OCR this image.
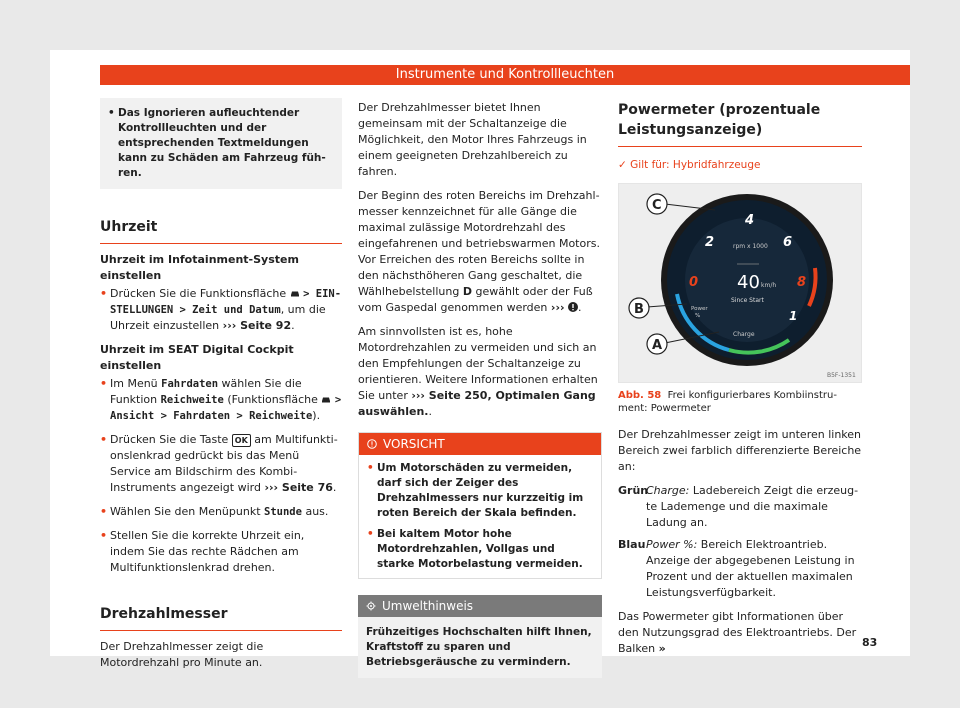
Instrumente und Kontrollleuchten
• Das Ignorieren aufleuchtender Kontrollleuchten und der entsprechenden Textmeldungen kann zu Schäden am Fahrzeug führen.
Uhrzeit

Uhrzeit im Infotainment-System einstellen

• Drücken Sie die Funktionsfläche  > EINSTELLUNGEN > Zeit und Datum, um die Uhrzeit einzustellen ››› Seite 92.

Uhrzeit im SEAT Digital Cockpit einstellen

• Im Menü Fahrdaten wählen Sie die Funktion Reichweite (Funktionsfläche  > Ansicht > Fahrdaten > Reichweite).

• Drücken Sie die Taste OK am Multifunktionslenkrad gedrückt bis das Menü Service am Bildschirm des Kombi-Instruments angezeigt wird ››› Seite 76.

• Wählen Sie den Menüpunkt Stunde aus.

• Stellen Sie die korrekte Uhrzeit ein, indem Sie das rechte Rädchen am Multifunktionslenkrad drehen.

Drehzahlmesser

Der Drehzahlmesser zeigt die Motordrehzahl pro Minute an.

Der Drehzahlmesser bietet Ihnen gemeinsam mit der Schaltanzeige die Möglichkeit, den Motor Ihres Fahrzeugs in einem geeigneten Drehzahlbereich zu fahren.

Der Beginn des roten Bereichs im Drehzahlmesser kennzeichnet für alle Gänge die maximal zulässige Motordrehzahl des eingefahrenen und betriebswarmen Motors. Vor Erreichen des roten Bereichs sollte in den nächsthöheren Gang geschaltet, die Wählhebelstellung D gewählt oder der Fuß vom Gaspedal genommen werden ››› .

Am sinnvollsten ist es, hohe Motordrehzahlen zu vermeiden und sich an den Empfehlungen der Schaltanzeige zu orientieren. Weitere Informationen erhalten Sie unter ››› Seite 250, Optimalen Gang auswählen..

VORSICHT
• Um Motorschäden zu vermeiden, darf sich der Zeiger des Drehzahlmessers nur kurzzeitig im roten Bereich der Skala befinden.
• Bei kaltem Motor hohe Motordrehzahlen, Vollgas und starke Motorbelastung vermeiden.
Umwelthinweis
Frühzeitiges Hochschalten hilft Ihnen, Kraftstoff zu sparen und Betriebsgeräusche zu vermindern.
Powermeter (prozentuale Leistungsanzeige)
✓ Gilt für: Hybridfahrzeuge
4
2	6
0	8
1
rpm x 1000
40 km/h
Since Start
Power
%
Charge
C
B
A
B5F-1351
Abb. 58 Frei konfigurierbares Kombiinstrument: Powermeter

Der Drehzahlmesser zeigt im unteren linken Bereich zwei farblich differenzierte Bereiche an:

Grün
Charge: Ladebereich Zeigt die erzeugte Lademenge und die maximale Ladung an.
Blau Power %: Bereich Elektroantrieb. Anzeige der abgegebenen Leistung in Prozent und der aktuellen maximalen Leistungsverfügbarkeit.

Das Powermeter gibt Informationen über den Nutzungsgrad des Elektroantriebs. Der Balken »	83
